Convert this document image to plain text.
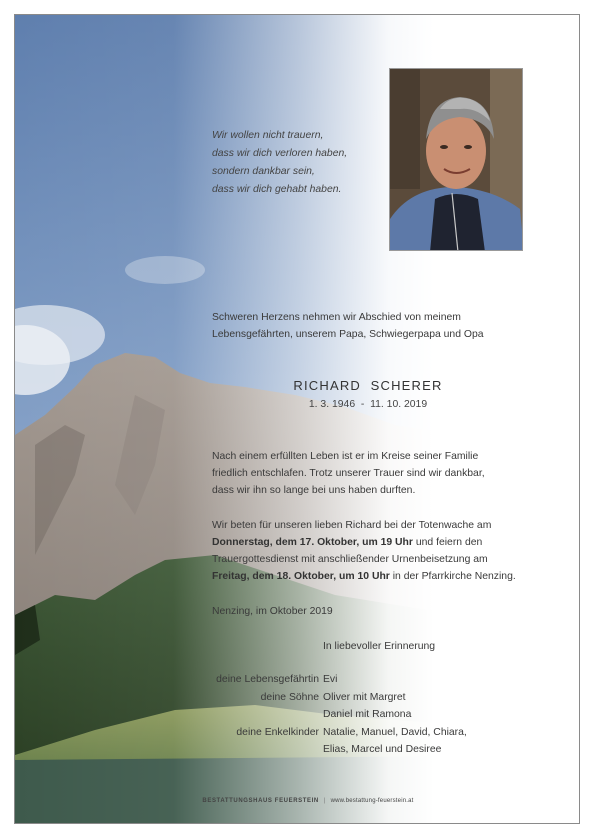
Wir wollen nicht trauern,
dass wir dich verloren haben,
sondern dankbar sein,
dass wir dich gehabt haben.
Schweren Herzens nehmen wir Abschied von meinem
Lebensgefährten, unserem Papa, Schwiegerpapa und Opa
RICHARD  SCHERER
1. 3. 1946  -  11. 10. 2019
Nach einem erfüllten Leben ist er im Kreise seiner Familie
friedlich entschlafen. Trotz unserer Trauer sind wir dankbar,
dass wir ihn so lange bei uns haben durften.
Wir beten für unseren lieben Richard bei der Totenwache am
Donnerstag, dem 17. Oktober, um 19 Uhr und feiern den
Trauergottesdienst mit anschließender Urnenbeisetzung am
Freitag, dem 18. Oktober, um 10 Uhr in der Pfarrkirche Nenzing.
Nenzing, im Oktober 2019
In liebevoller Erinnerung
deine Lebensgefährtin Evi
deine Söhne Oliver mit Margret
Daniel mit Ramona
deine Enkelkinder Natalie, Manuel, David, Chiara,
Elias, Marcel und Desiree
BESTATTUNGSHAUS FEUERSTEIN | www.bestattung-feuerstein.at
